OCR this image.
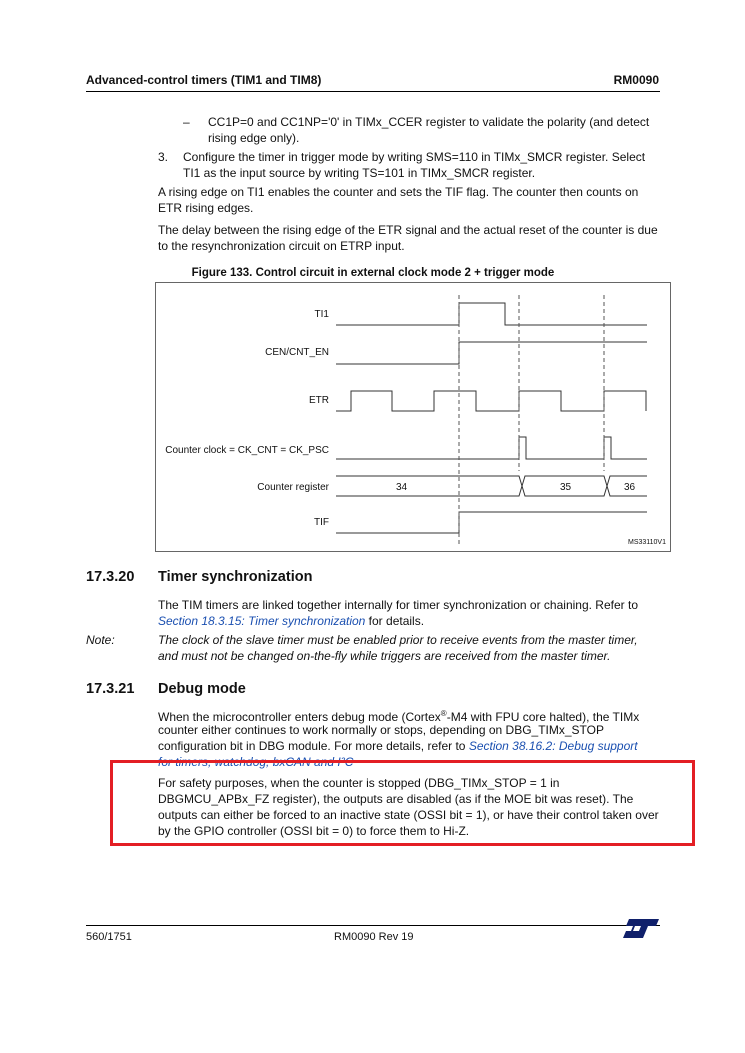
Advanced-control timers (TIM1 and TIM8)	RM0090
– CC1P=0 and CC1NP='0' in TIMx_CCER register to validate the polarity (and detect rising edge only).
3. Configure the timer in trigger mode by writing SMS=110 in TIMx_SMCR register. Select TI1 as the input source by writing TS=101 in TIMx_SMCR register.
A rising edge on TI1 enables the counter and sets the TIF flag. The counter then counts on ETR rising edges.
The delay between the rising edge of the ETR signal and the actual reset of the counter is due to the resynchronization circuit on ETRP input.
Figure 133. Control circuit in external clock mode 2 + trigger mode
TI1
CEN/CNT_EN
ETR
Counter clock = CK_CNT = CK_PSC
Counter register
TIF
34	35	36
MS33110V1
17.3.20 Timer synchronization
The TIM timers are linked together internally for timer synchronization or chaining. Refer to Section 18.3.15: Timer synchronization for details.
Note:	The clock of the slave timer must be enabled prior to receive events from the master timer, and must not be changed on-the-fly while triggers are received from the master timer.
17.3.21 Debug mode
When the microcontroller enters debug mode (Cortex®-M4 with FPU core halted), the TIMx
counter either continues to work normally or stops, depending on DBG_TIMx_STOP
configuration bit in DBG module. For more details, refer to Section 38.16.2: Debug support
for timers, watchdog, bxCAN and I²C
For safety purposes, when the counter is stopped (DBG_TIMx_STOP = 1 in DBGMCU_APBx_FZ register), the outputs are disabled (as if the MOE bit was reset). The outputs can either be forced to an inactive state (OSSI bit = 1), or have their control taken over by the GPIO controller (OSSI bit = 0) to force them to Hi-Z.
560/1751	RM0090 Rev 19
